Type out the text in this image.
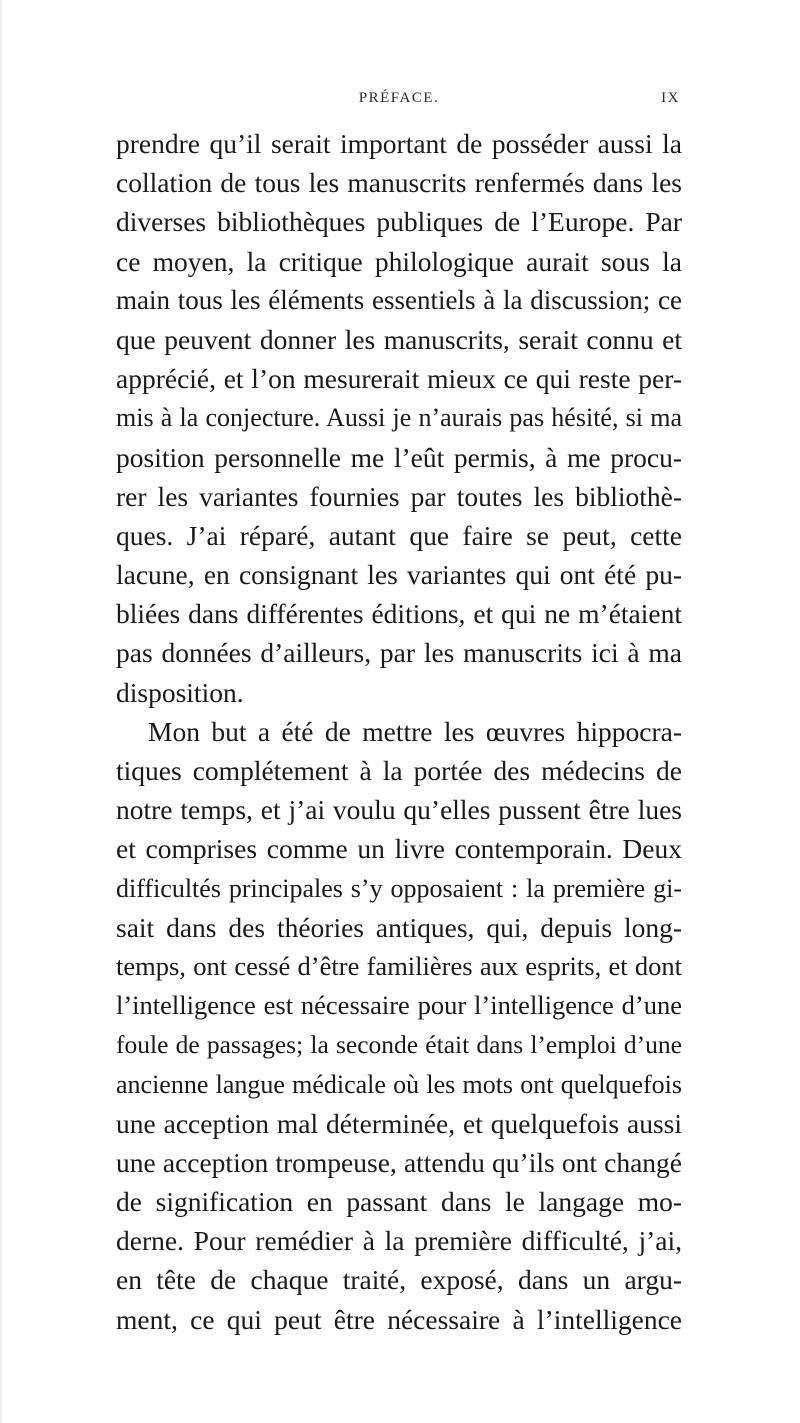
PRÉFACE.	IX
prendre qu’il serait important de posséder aussi la
collation de tous les manuscrits renfermés dans les
diverses bibliothèques publiques de l’Europe. Par
ce moyen, la critique philologique aurait sous la
main tous les éléments essentiels à la discussion; ce
que peuvent donner les manuscrits, serait connu et
apprécié, et l’on mesurerait mieux ce qui reste per-
mis à la conjecture. Aussi je n’aurais pas hésité, si ma
position personnelle me l’eût permis, à me procu-
rer les variantes fournies par toutes les bibliothè-
ques. J’ai réparé, autant que faire se peut, cette
lacune, en consignant les variantes qui ont été pu-
bliées dans différentes éditions, et qui ne m’étaient
pas données d’ailleurs, par les manuscrits ici à ma
disposition.
Mon but a été de mettre les œuvres hippocra-
tiques complétement à la portée des médecins de
notre temps, et j’ai voulu qu’elles pussent être lues
et comprises comme un livre contemporain. Deux
difficultés principales s’y opposaient : la première gi-
sait dans des théories antiques, qui, depuis long-
temps, ont cessé d’être familières aux esprits, et dont
l’intelligence est nécessaire pour l’intelligence d’une
foule de passages; la seconde était dans l’emploi d’une
ancienne langue médicale où les mots ont quelquefois
une acception mal déterminée, et quelquefois aussi
une acception trompeuse, attendu qu’ils ont changé
de signification en passant dans le langage mo-
derne. Pour remédier à la première difficulté, j’ai,
en tête de chaque traité, exposé, dans un argu-
ment, ce qui peut être nécessaire à l’intelligence
